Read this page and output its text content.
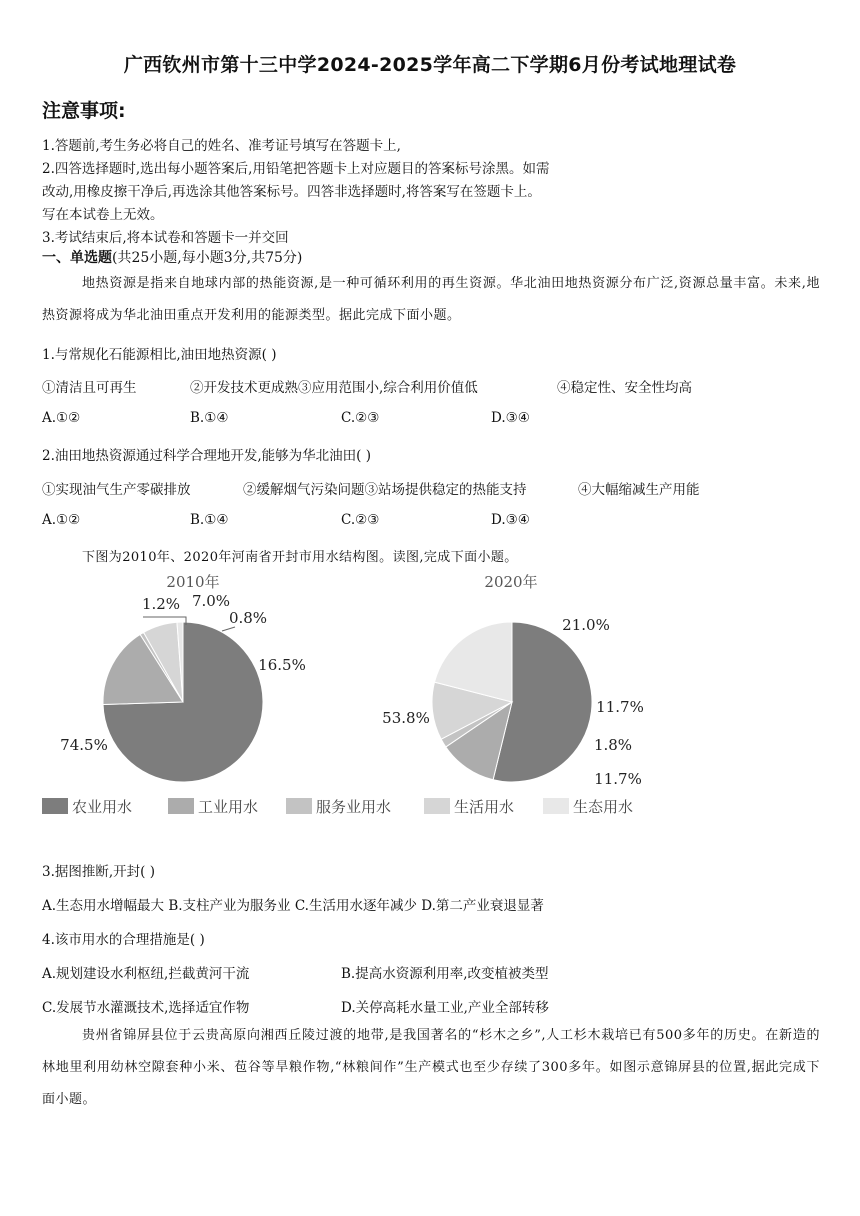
广西钦州市第十三中学2024-2025学年高二下学期6月份考试地理试卷
注意事项:
1.答题前,考生务必将自己的姓名、准考证号填写在答题卡上,
2.四答选择题时,选出每小题答案后,用铅笔把答题卡上对应题目的答案标号涂黑。如需
改动,用橡皮擦干净后,再选涂其他答案标号。四答非选择题时,将答案写在签题卡上。
写在本试卷上无效。
3.考试结束后,将本试卷和答题卡一并交回
一、单选题(共25小题,每小题3分,共75分)
地热资源是指来自地球内部的热能资源,是一种可循环利用的再生资源。华北油田地热资源分布广泛,资源总量丰富。未来,地热资源将成为华北油田重点开发利用的能源类型。据此完成下面小题。
1.与常规化石能源相比,油田地热资源( )
①清洁且可再生	②开发技术更成熟③应用范围小,综合利用价值低	④稳定性、安全性均高
A.①②	B.①④	C.②③	D.③④
2.油田地热资源通过科学合理地开发,能够为华北油田( )
①实现油气生产零碳排放	②缓解烟气污染问题③站场提供稳定的热能支持	④大幅缩减生产用能
A.①②	B.①④	C.②③	D.③④
下图为2010年、2020年河南省开封市用水结构图。读图,完成下面小题。
2010年	2020年
74.5%
16.5%
0.8%
7.0%
1.2%
53.8%
11.7%
1.8%
11.7%
21.0%
农业用水	工业用水	服务业用水	生活用水	生态用水
3.据图推断,开封( )
A.生态用水增幅最大 B.支柱产业为服务业 C.生活用水逐年减少 D.第二产业衰退显著
4.该市用水的合理措施是( )
A.规划建设水利枢纽,拦截黄河干流	B.提高水资源利用率,改变植被类型
C.发展节水灌溉技术,选择适宜作物	D.关停高耗水量工业,产业全部转移
贵州省锦屏县位于云贵高原向湘西丘陵过渡的地带,是我国著名的“杉木之乡”,人工杉木栽培已有500多年的历史。在新造的林地里利用幼林空隙套种小米、苞谷等旱粮作物,“林粮间作”生产模式也至少存续了300多年。如图示意锦屏县的位置,据此完成下面小题。
